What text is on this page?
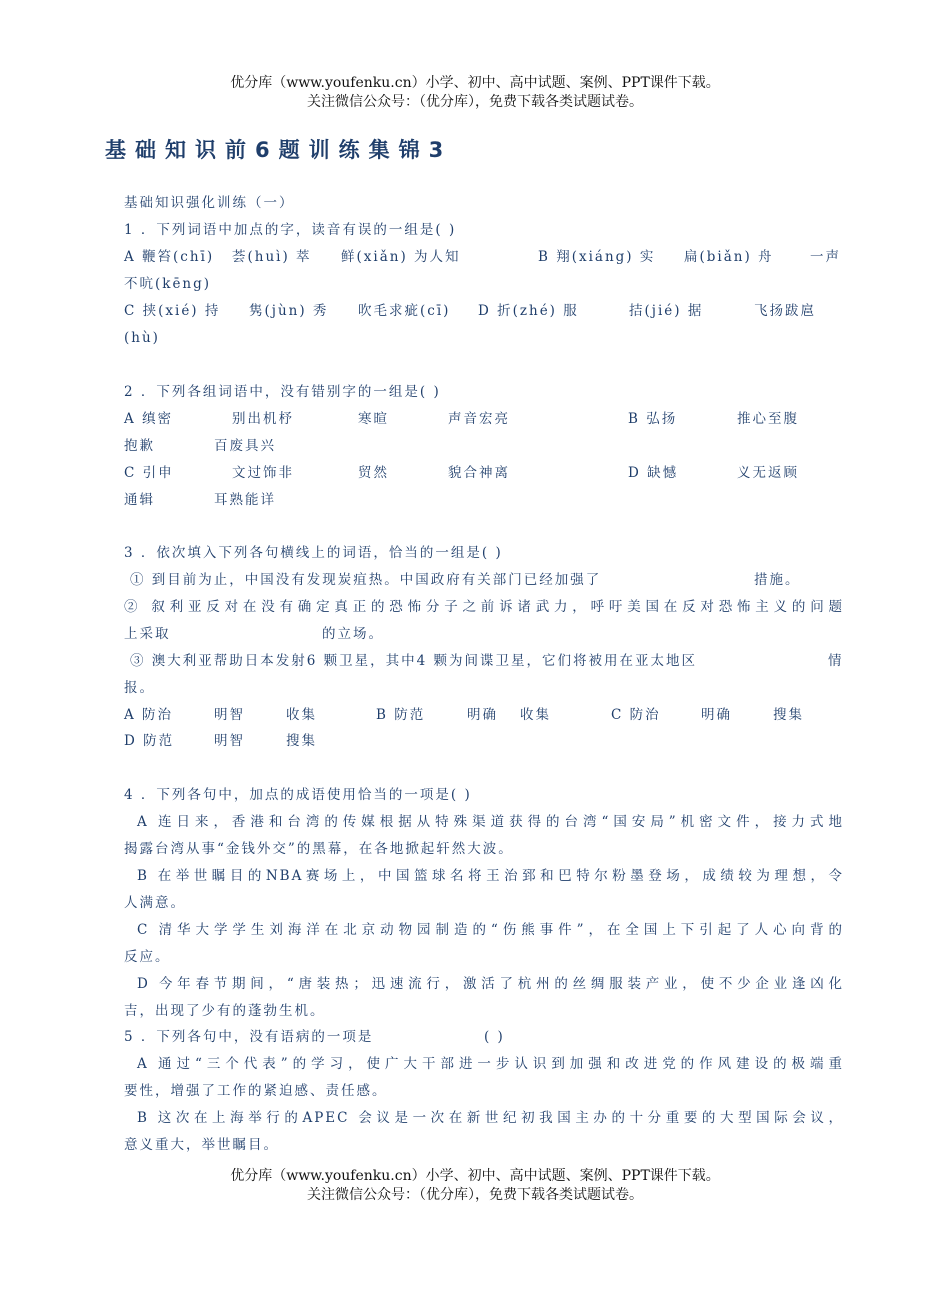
优分库（www.youfenku.cn）小学、初中、高中试题、案例、PPT课件下载。
关注微信公众号：（优分库），免费下载各类试题试卷。
基础知识前6题训练集锦3
基础知识强化训练（一）
1 ．下列词语中加点的字，读音有误的一组是( )
A 鞭笞(chī) 荟(huì) 萃 鲜(xiǎn) 为人知	B 翔(xiáng) 实 扁(biǎn) 舟	一声
不吭(kēng)
C 挟(xié) 持 隽(jùn) 秀 吹毛求疵(cī) D 折(zhé) 服	拮(jié) 据	飞扬跋扈
(hù)
2 ．下列各组词语中，没有错别字的一组是( )
A 缜密	别出机杼	寒暄	声音宏亮	B 弘扬	推心至腹
抱歉	百废具兴
C 引申	文过饰非	贸然	貌合神离	D 缺憾	义无返顾
通辑	耳熟能详
3 ．依次填入下列各句横线上的词语，恰当的一组是( )
① 到目前为止，中国没有发现炭疽热。中国政府有关部门已经加强了	措施。
② 叙利亚反对在没有确定真正的恐怖分子之前诉诸武力，呼吁美国在反对恐怖主义的问题
上采取	的立场。
③ 澳大利亚帮助日本发射6 颗卫星，其中4 颗为间谍卫星，它们将被用在亚太地区	情
报。
A 防治	明智	收集	B 防范	明确 收集	C 防治	明确	搜集
D 防范	明智	搜集
4 ．下列各句中，加点的成语使用恰当的一项是( )
A 连日来，香港和台湾的传媒根据从特殊渠道获得的台湾“国安局”机密文件，接力式地
揭露台湾从事“金钱外交”的黑幕，在各地掀起轩然大波。
B 在举世瞩目的NBA赛场上，中国篮球名将王治郅和巴特尔粉墨登场，成绩较为理想，令
人满意。
C 清华大学学生刘海洋在北京动物园制造的“伤熊事件”，在全国上下引起了人心向背的
反应。
D 今年春节期间，“唐装热；迅速流行，激活了杭州的丝绸服装产业，使不少企业逢凶化
吉，出现了少有的蓬勃生机。
5 ．下列各句中，没有语病的一项是	( )
A 通过“三个代表”的学习，使广大干部进一步认识到加强和改进党的作风建设的极端重
要性，增强了工作的紧迫感、责任感。
B 这次在上海举行的APEC 会议是一次在新世纪初我国主办的十分重要的大型国际会议，
意义重大，举世瞩目。
优分库（www.youfenku.cn）小学、初中、高中试题、案例、PPT课件下载。
关注微信公众号：（优分库），免费下载各类试题试卷。
